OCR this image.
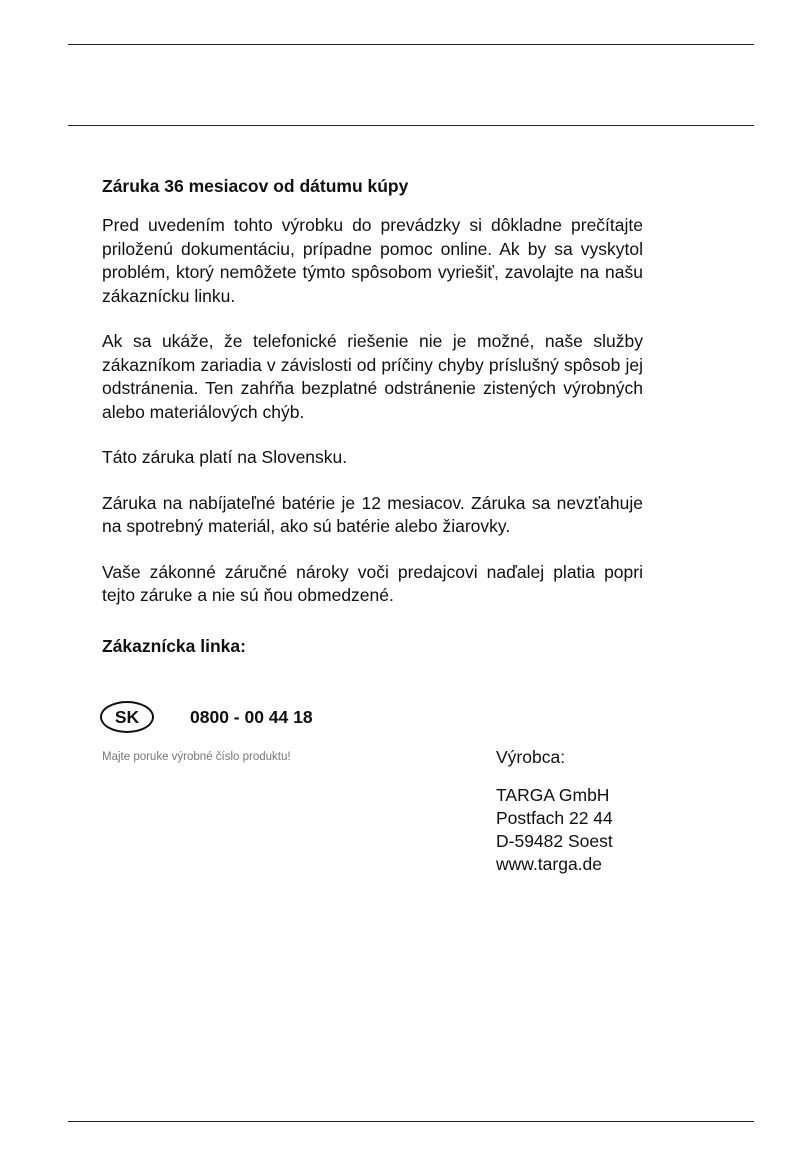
Záruka 36 mesiacov od dátumu kúpy

Pred uvedením tohto výrobku do prevádzky si dôkladne prečítajte priloženú dokumentáciu, prípadne pomoc online. Ak by sa vyskytol problém, ktorý nemôžete týmto spôsobom vyriešiť, zavolajte na našu zákaznícku linku.

Ak sa ukáže, že telefonické riešenie nie je možné, naše služby zákazníkom zariadia v závislosti od príčiny chyby príslušný spôsob jej odstránenia. Ten zahŕňa bezplatné odstránenie zistených výrobných alebo materiálových chýb.

Táto záruka platí na Slovensku.

Záruka na nabíjateľné batérie je 12 mesiacov. Záruka sa nevzťahuje na spotrebný materiál, ako sú batérie alebo žiarovky.

Vaše zákonné záručné nároky voči predajcovi naďalej platia popri tejto záruke a nie sú ňou obmedzené.

Zákaznícka linka:
SK	0800 - 00 44 18
Majte poruke výrobné číslo produktu!	Výrobca:
TARGA GmbH
Postfach 22 44
D-59482 Soest
www.targa.de
